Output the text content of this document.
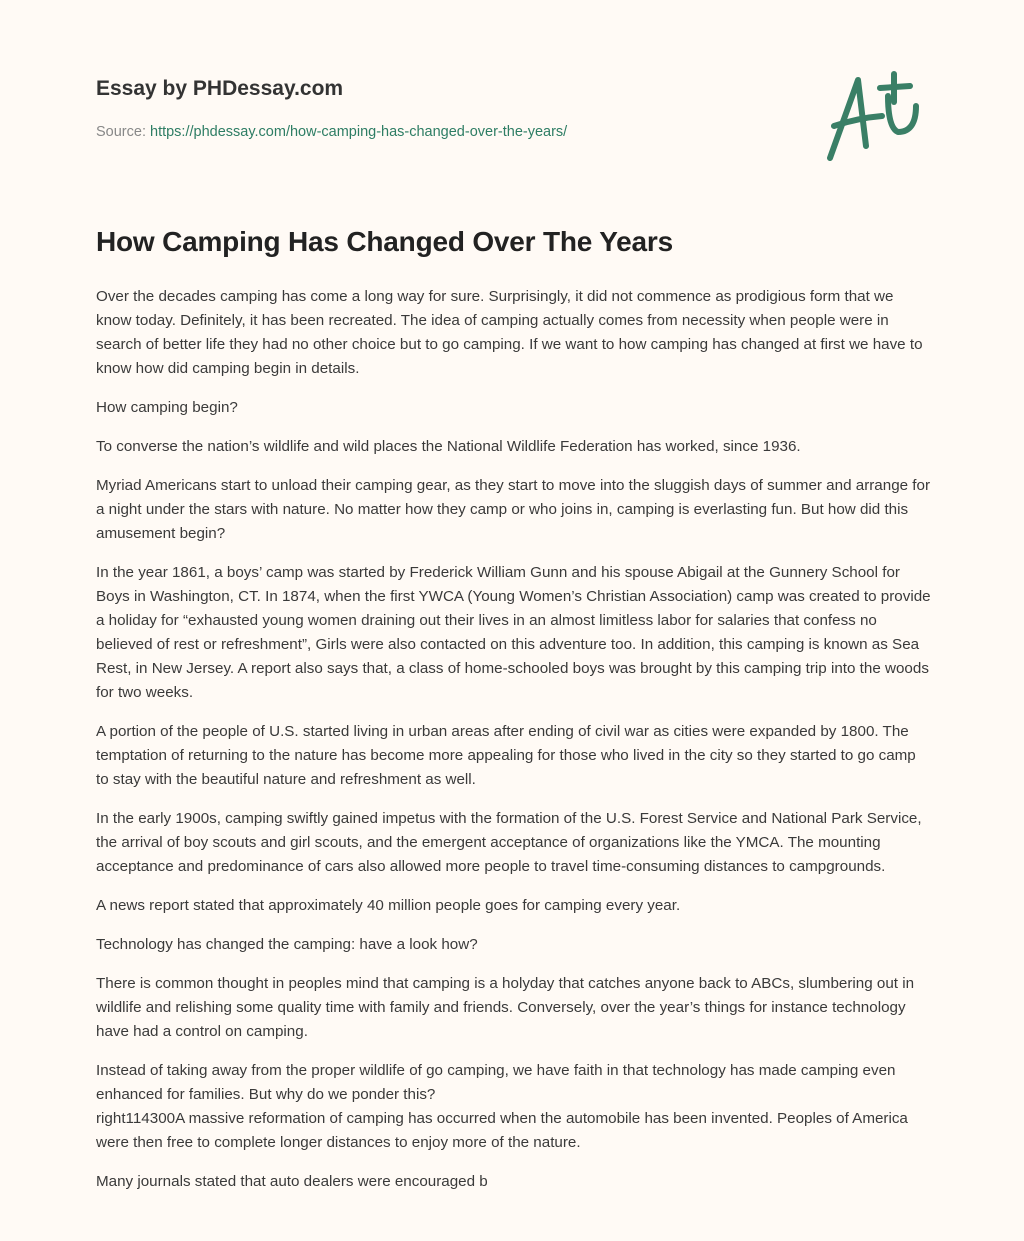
Essay by PHDessay.com

Source: https://phdessay.com/how-camping-has-changed-over-the-years/
How Camping Has Changed Over The Years

Over the decades camping has come a long way for sure. Surprisingly, it did not commence as prodigious form that we know today. Definitely, it has been recreated. The idea of camping actually comes from necessity when people were in search of better life they had no other choice but to go camping. If we want to how camping has changed at first we have to know how did camping begin in details.

How camping begin?

To converse the nation’s wildlife and wild places the National Wildlife Federation has worked, since 1936.

Myriad Americans start to unload their camping gear, as they start to move into the sluggish days of summer and arrange for a night under the stars with nature. No matter how they camp or who joins in, camping is everlasting fun. But how did this amusement begin?

In the year 1861, a boys’ camp was started by Frederick William Gunn and his spouse Abigail at the Gunnery School for Boys in Washington, CT. In 1874, when the first YWCA (Young Women’s Christian Association) camp was created to provide a holiday for “exhausted young women draining out their lives in an almost limitless labor for salaries that confess no believed of rest or refreshment”, Girls were also contacted on this adventure too. In addition, this camping is known as Sea Rest, in New Jersey. A report also says that, a class of home-schooled boys was brought by this camping trip into the woods for two weeks.

A portion of the people of U.S. started living in urban areas after ending of civil war as cities were expanded by 1800. The temptation of returning to the nature has become more appealing for those who lived in the city so they started to go camp to stay with the beautiful nature and refreshment as well.

In the early 1900s, camping swiftly gained impetus with the formation of the U.S. Forest Service and National Park Service, the arrival of boy scouts and girl scouts, and the emergent acceptance of organizations like the YMCA. The mounting acceptance and predominance of cars also allowed more people to travel time-consuming distances to campgrounds.

A news report stated that approximately 40 million people goes for camping every year.

Technology has changed the camping: have a look how?

There is common thought in peoples mind that camping is a holyday that catches anyone back to ABCs, slumbering out in wildlife and relishing some quality time with family and friends. Conversely, over the year’s things for instance technology have had a control on camping.

Instead of taking away from the proper wildlife of go camping, we have faith in that technology has made camping even enhanced for families. But why do we ponder this?

right114300A massive reformation of camping has occurred when the automobile has been invented. Peoples of America were then free to complete longer distances to enjoy more of the nature.

Many journals stated that auto dealers were encouraged b
